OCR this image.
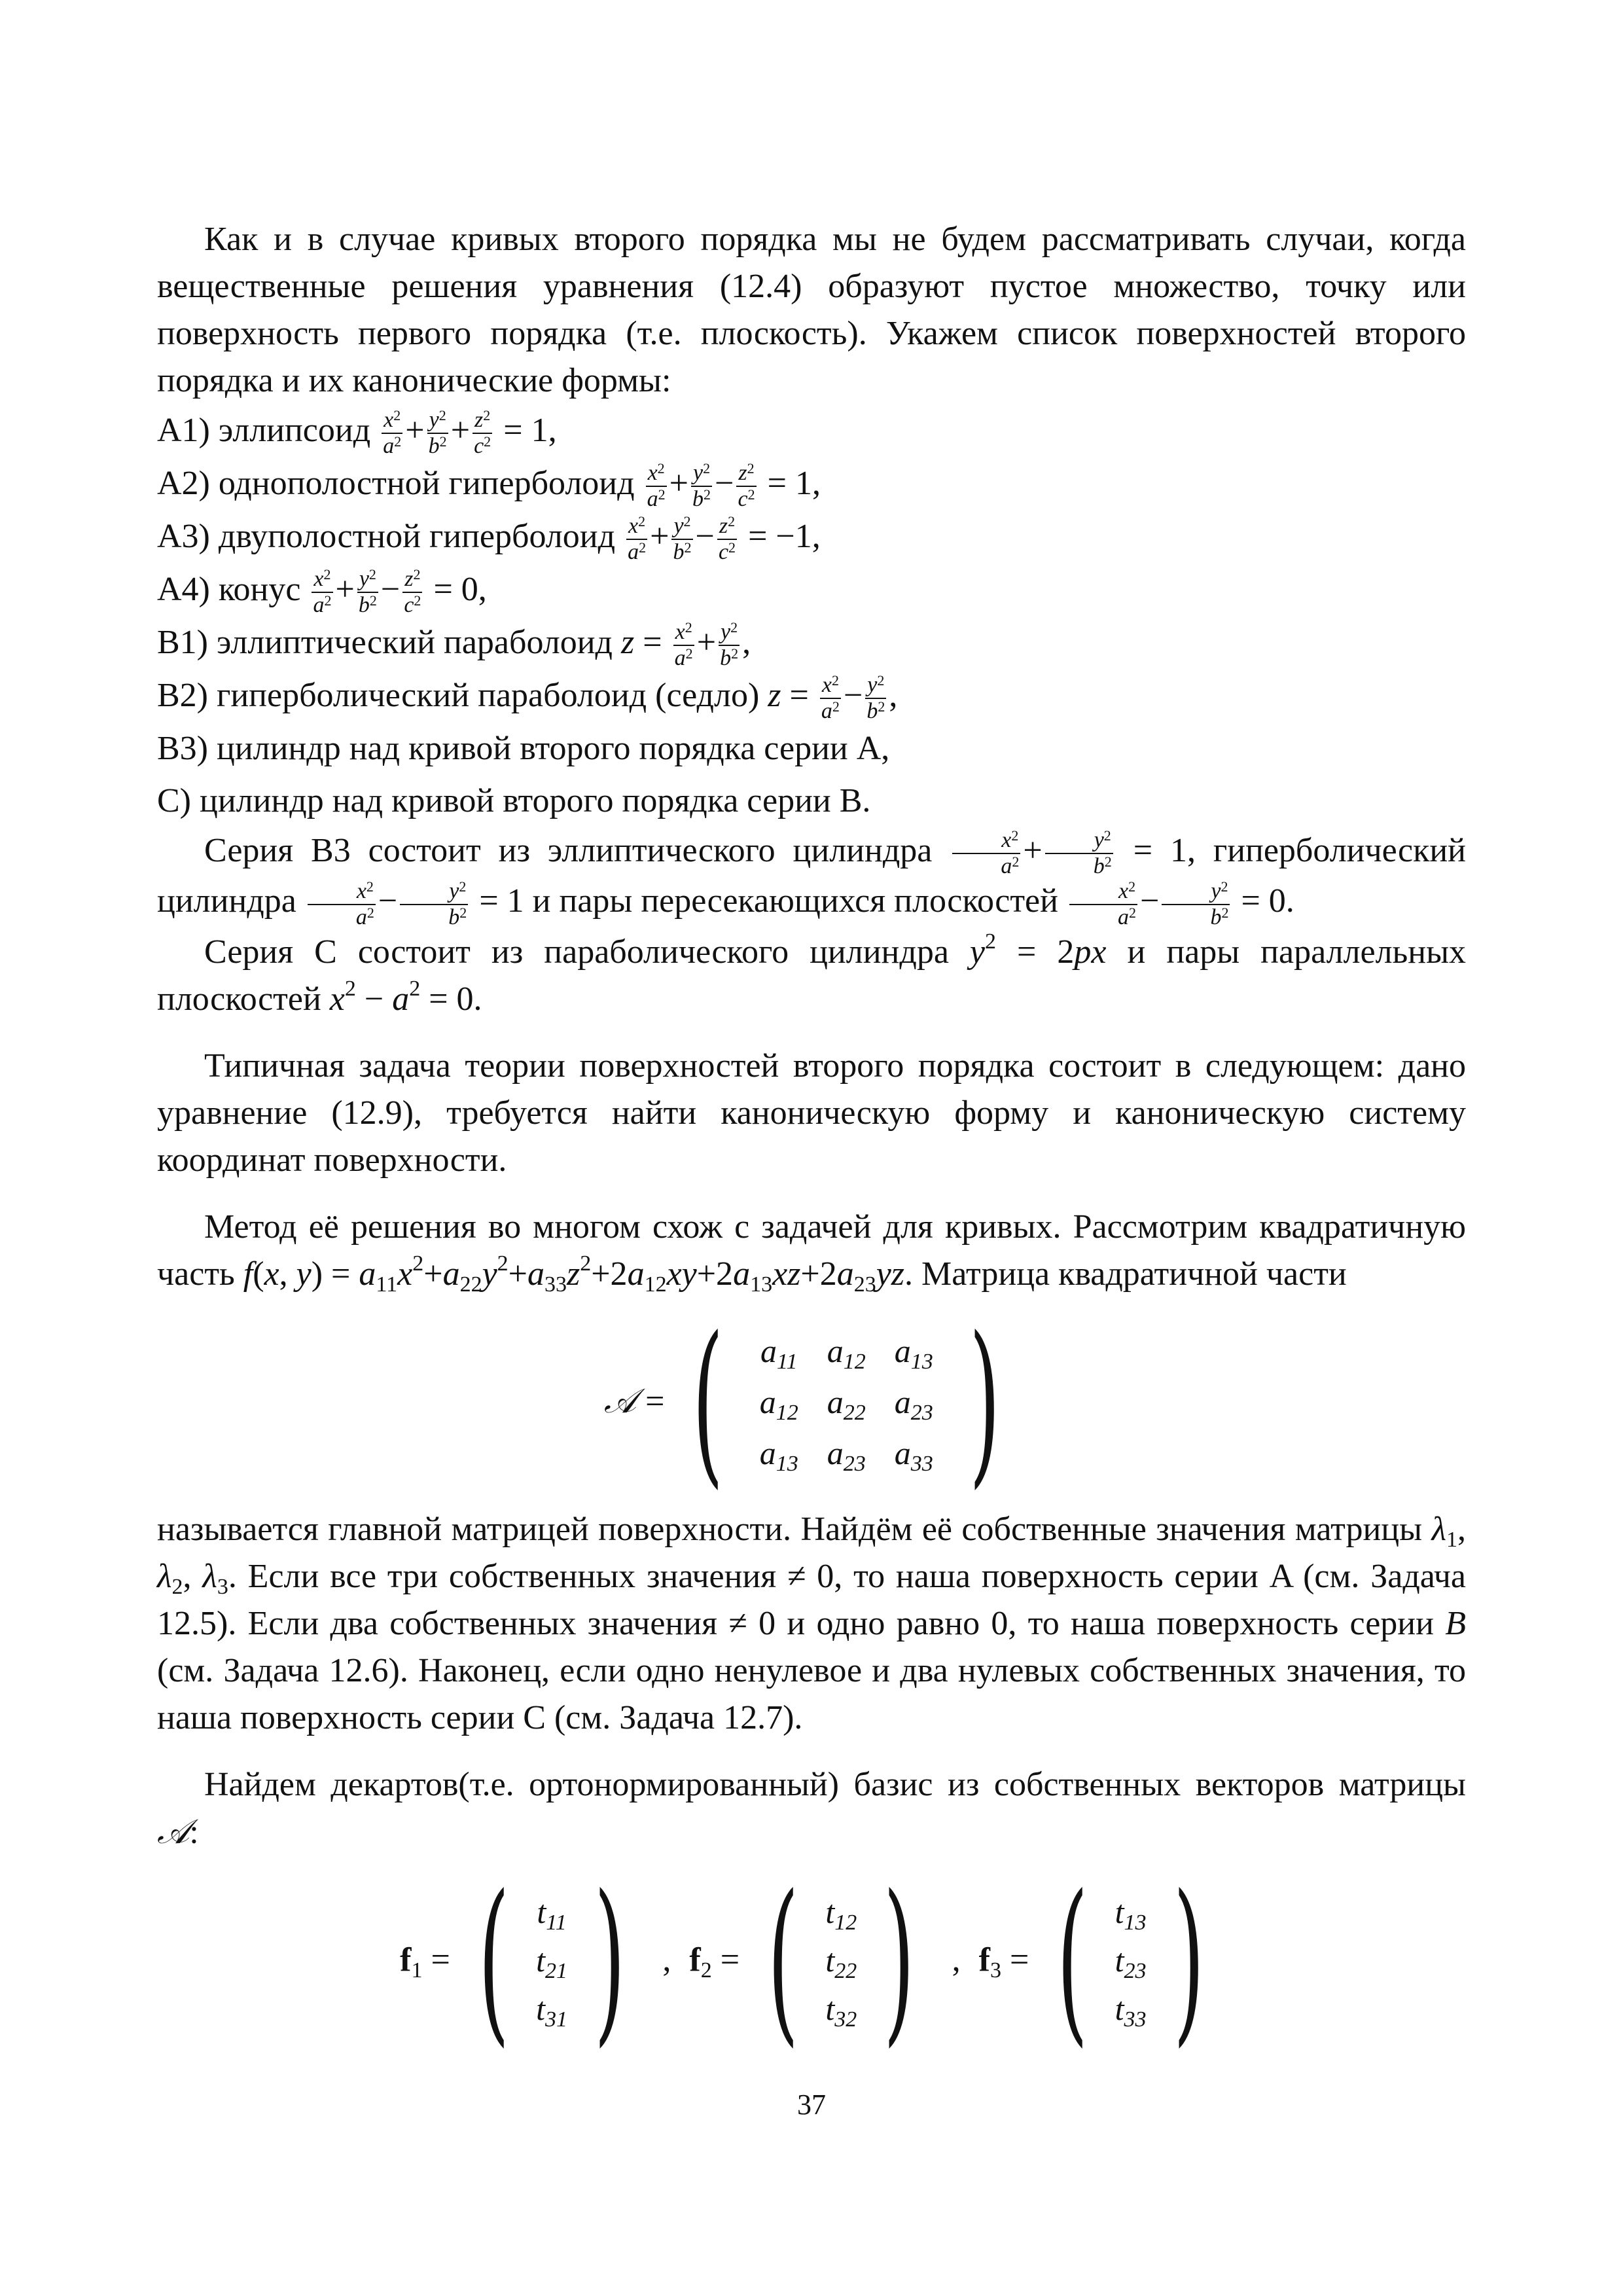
Как и в случае кривых второго порядка мы не будем рассматривать случаи, когда вещественные решения уравнения (12.4) образуют пустое множество, точку или поверхность первого порядка (т.е. плоскость). Укажем список поверхностей второго порядка и их канонические формы:

A1) эллипсоид $\frac{x^2}{a^2} + \frac{y^2}{b^2} + \frac{z^2}{c^2} = 1$,
A2) однополостной гиперболоид $\frac{x^2}{a^2} + \frac{y^2}{b^2} - \frac{z^2}{c^2} = 1$,
A3) двуполостной гиперболоид $\frac{x^2}{a^2} + \frac{y^2}{b^2} - \frac{z^2}{c^2} = -1$,
A4) конус $\frac{x^2}{a^2} + \frac{y^2}{b^2} - \frac{z^2}{c^2} = 0$,
B1) эллиптический параболоид $z = \frac{x^2}{a^2} + \frac{y^2}{b^2}$ ,
B2) гиперболический параболоид (седло) $z = \frac{x^2}{a^2} - \frac{y^2}{b^2}$ ,
B3) цилиндр над кривой второго порядка серии A,
C) цилиндр над кривой второго порядка серии B.

Серия B3 состоит из эллиптического цилиндра $\frac{x^2}{a^2} + \frac{y^2}{b^2} = 1$, гиперболический цилиндра $\frac{x^2}{a^2} - \frac{y^2}{b^2} = 1$ и пары пересекающихся плоскостей $\frac{x^2}{a^2} - \frac{y^2}{b^2} = 0$.

Серия C состоит из параболического цилиндра $y^2 = 2px$ и пары параллельных плоскостей $x^2 - a^2 = 0$.

Типичная задача теории поверхностей второго порядка состоит в следующем: дано уравнение (12.9), требуется найти каноническую форму и каноническую систему координат поверхности.

Метод её решения во многом схож с задачей для кривых. Рассмотрим квадратичную часть f(x, $y) = a_{11}x^2+a_{22}y^2+a_{33}z^2+2a_{12}xy+2a_{13}xz+2a_{23}yz$. Матрица квадратичной части

𝒜 = ( $a_{11}$	$a_{12}$	$a_{13}$
$a_{12}$	$a_{22}$	$a_{23}$
$a_{13}$	$a_{23}$	$a_{33}$ )

называется главной матрицей поверхности. Найдём её собственные значения матрицы $\lambda_1$, $\lambda_2$, $\lambda_3$. Если все три собственных значения ≠ 0, то наша поверхность серии A (см. Задача 12.5). Если два собственных значения ≠ 0 и одно равно 0, то наша поверхность серии B (см. Задача 12.6). Наконец, если одно ненулевое и два нулевых собственных значения, то наша поверхность серии C (см. Задача 12.7).

Найдем декартов(т.е. ортонормированный) базис из собственных векторов матрицы 𝒜:

$f_1$ = ( $t_{11}$
$t_{21}$
$t_{31}$ ) , $f_2$ = ( $t_{12}$
$t_{22}$
$t_{32}$ ) , $f_3$ = ( $t_{13}$
$t_{23}$
$t_{33}$ )
37
